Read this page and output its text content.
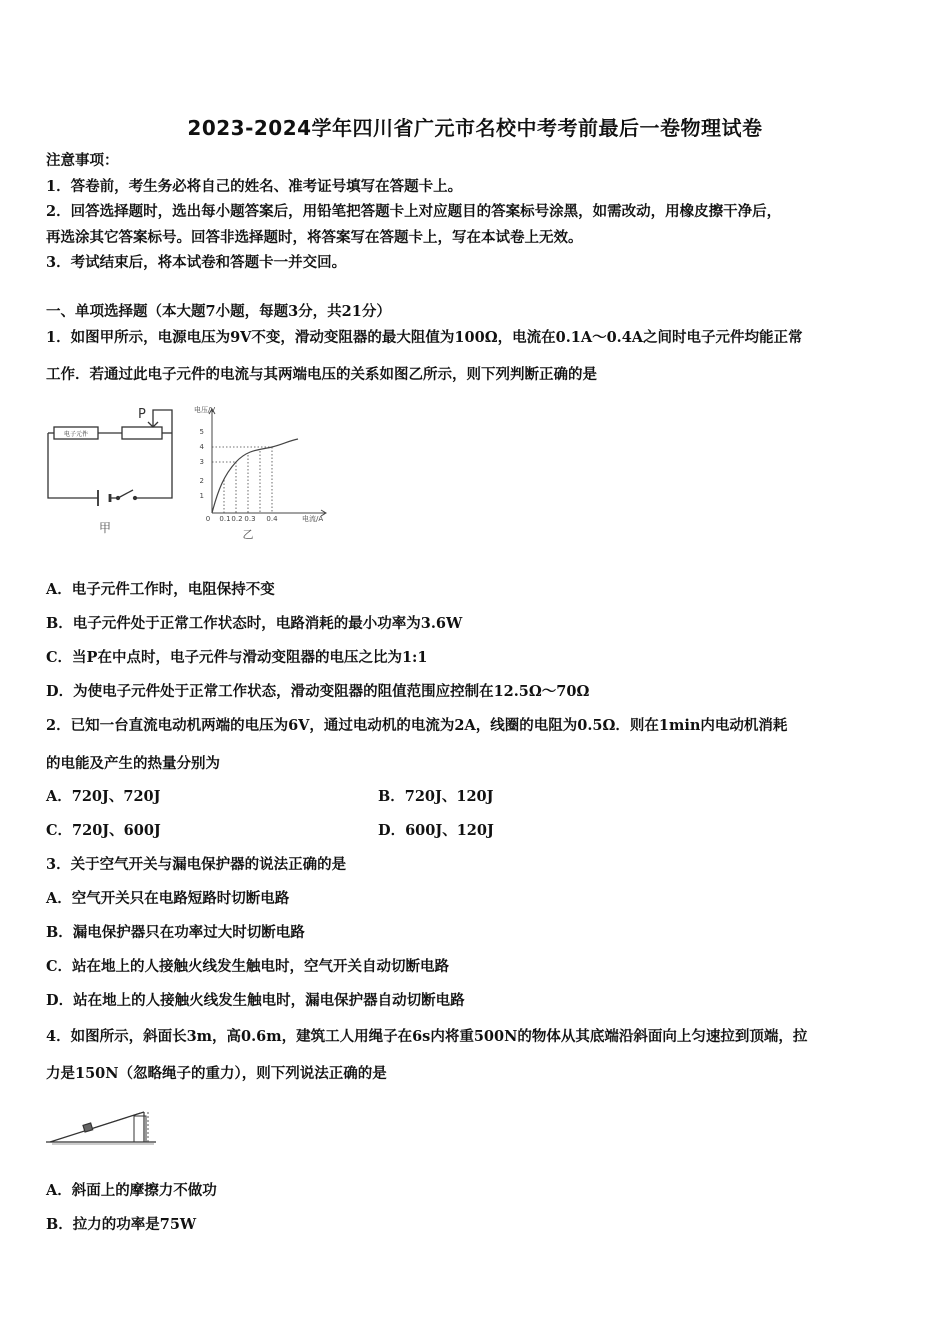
2023-2024学年四川省广元市名校中考考前最后一卷物理试卷
注意事项：
1．答卷前，考生务必将自己的姓名、准考证号填写在答题卡上。
2．回答选择题时，选出每小题答案后，用铅笔把答题卡上对应题目的答案标号涂黑，如需改动，用橡皮擦干净后，
再选涂其它答案标号。回答非选择题时，将答案写在答题卡上，写在本试卷上无效。
3．考试结束后，将本试卷和答题卡一并交回。
一、单项选择题（本大题7小题，每题3分，共21分）
1．如图甲所示，电源电压为9V不变，滑动变阻器的最大阻值为100Ω，电流在0.1A～0.4A之间时电子元件均能正常
工作．若通过此电子元件的电流与其两端电压的关系如图乙所示，则下列判断正确的是
电子元件
P
甲
电压/V
1
2
3
4
5
0 0.1 0.2 0.3 0.4	电流/A
乙
A．电子元件工作时，电阻保持不变
B．电子元件处于正常工作状态时，电路消耗的最小功率为3.6W
C．当P在中点时，电子元件与滑动变阻器的电压之比为1:1
D．为使电子元件处于正常工作状态，滑动变阻器的阻值范围应控制在12.5Ω～70Ω
2．已知一台直流电动机两端的电压为6V，通过电动机的电流为2A，线圈的电阻为0.5Ω．则在1min内电动机消耗
的电能及产生的热量分别为
A．720J、720J	B．720J、120J
C．720J、600J	D．600J、120J
3．关于空气开关与漏电保护器的说法正确的是
A．空气开关只在电路短路时切断电路
B．漏电保护器只在功率过大时切断电路
C．站在地上的人接触火线发生触电时，空气开关自动切断电路
D．站在地上的人接触火线发生触电时，漏电保护器自动切断电路
4．如图所示，斜面长3m，高0.6m，建筑工人用绳子在6s内将重500N的物体从其底端沿斜面向上匀速拉到顶端，拉
力是150N（忽略绳子的重力），则下列说法正确的是
A．斜面上的摩擦力不做功
B．拉力的功率是75W
